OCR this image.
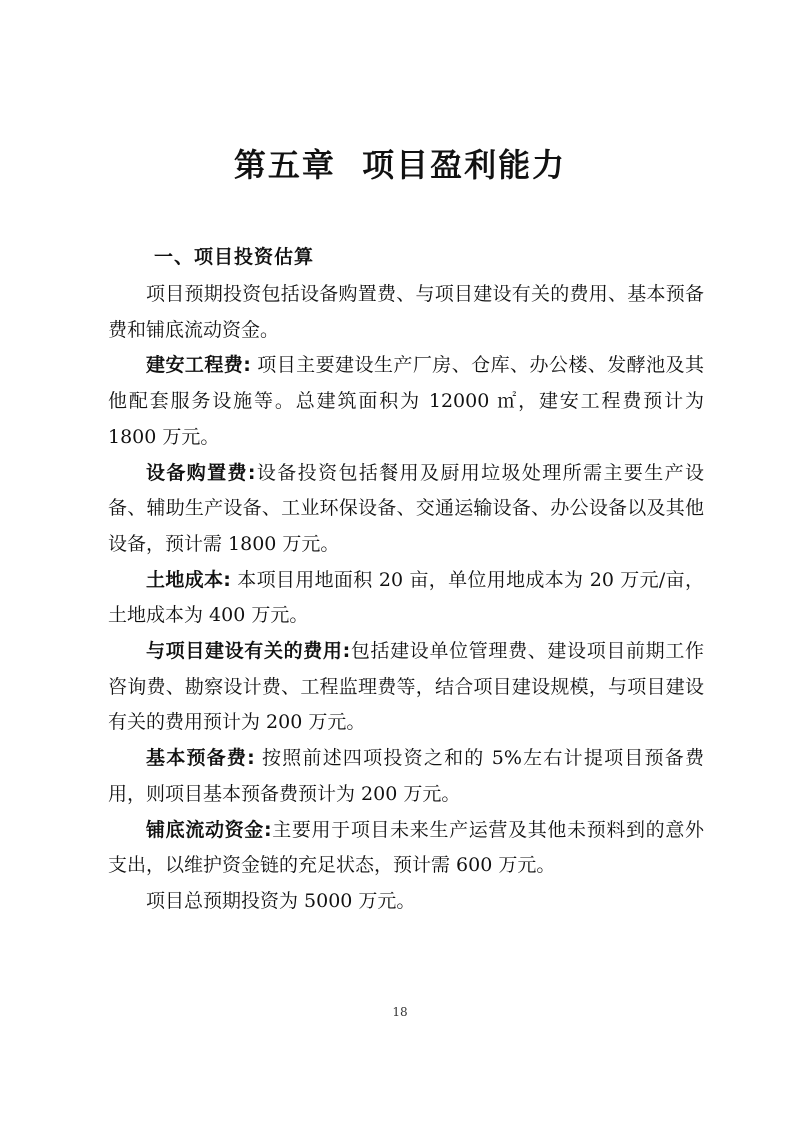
第五章  项目盈利能力
一、项目投资估算

项目预期投资包括设备购置费、与项目建设有关的费用、基本预备费和铺底流动资金。

建安工程费: 项目主要建设生产厂房、仓库、办公楼、发酵池及其他配套服务设施等。总建筑面积为 12000 ㎡，建安工程费预计为 1800 万元。

设备购置费:设备投资包括餐用及厨用垃圾处理所需主要生产设备、辅助生产设备、工业环保设备、交通运输设备、办公设备以及其他设备，预计需 1800 万元。

土地成本: 本项目用地面积 20 亩，单位用地成本为 20 万元/亩，土地成本为 400 万元。

与项目建设有关的费用:包括建设单位管理费、建设项目前期工作咨询费、勘察设计费、工程监理费等，结合项目建设规模，与项目建设有关的费用预计为 200 万元。

基本预备费: 按照前述四项投资之和的 5%左右计提项目预备费用，则项目基本预备费预计为 200 万元。

铺底流动资金:主要用于项目未来生产运营及其他未预料到的意外支出，以维护资金链的充足状态，预计需 600 万元。

项目总预期投资为 5000 万元。

18
